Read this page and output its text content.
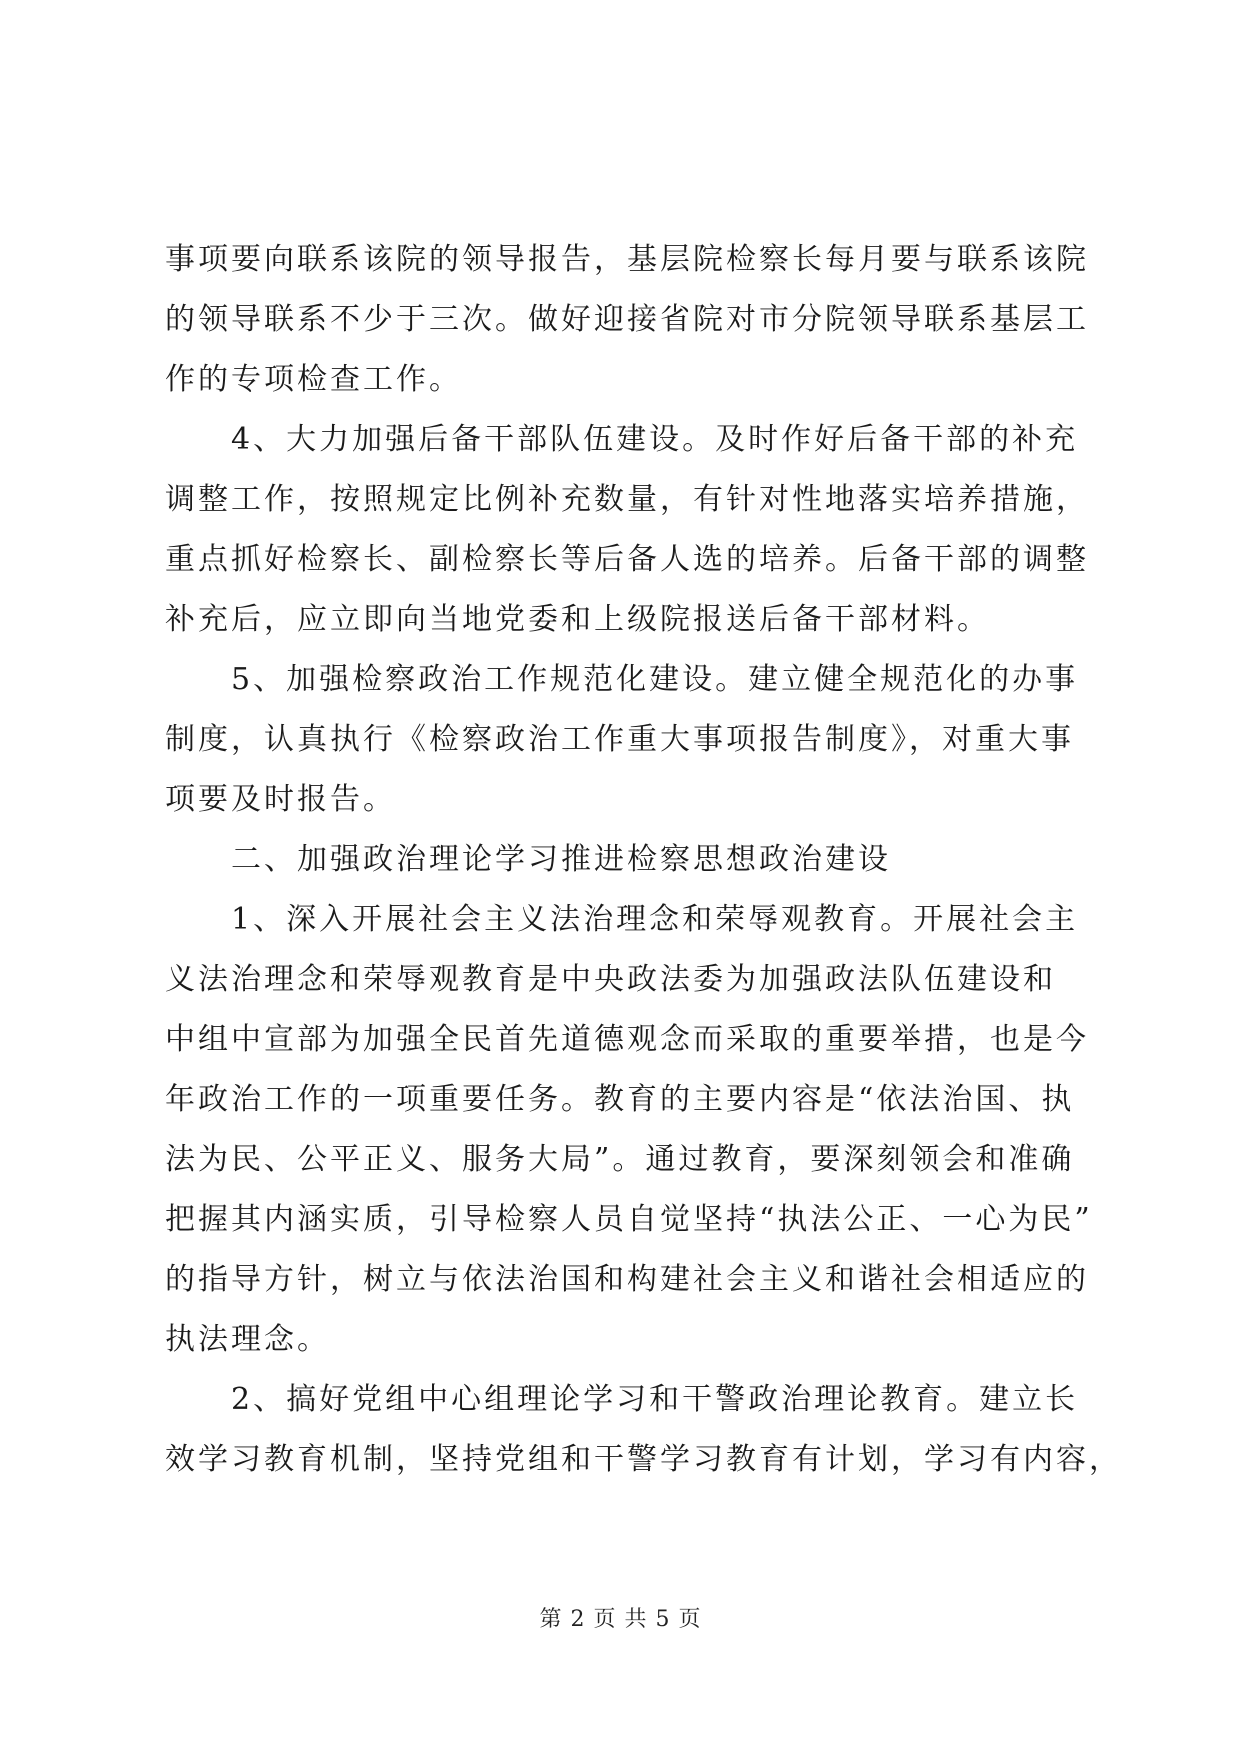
事项要向联系该院的领导报告，基层院检察长每月要与联系该院
的领导联系不少于三次。做好迎接省院对市分院领导联系基层工
作的专项检查工作。

4、大力加强后备干部队伍建设。及时作好后备干部的补充
调整工作，按照规定比例补充数量，有针对性地落实培养措施，
重点抓好检察长、副检察长等后备人选的培养。后备干部的调整
补充后，应立即向当地党委和上级院报送后备干部材料。

5、加强检察政治工作规范化建设。建立健全规范化的办事
制度，认真执行《检察政治工作重大事项报告制度》，对重大事
项要及时报告。

二、加强政治理论学习推进检察思想政治建设

1、深入开展社会主义法治理念和荣辱观教育。开展社会主
义法治理念和荣辱观教育是中央政法委为加强政法队伍建设和
中组中宣部为加强全民首先道德观念而采取的重要举措，也是今
年政治工作的一项重要任务。教育的主要内容是“依法治国、执
法为民、公平正义、服务大局”。通过教育，要深刻领会和准确
把握其内涵实质，引导检察人员自觉坚持“执法公正、一心为民”
的指导方针，树立与依法治国和构建社会主义和谐社会相适应的
执法理念。

2、搞好党组中心组理论学习和干警政治理论教育。建立长
效学习教育机制，坚持党组和干警学习教育有计划，学习有内容，

第 2 页 共 5 页
